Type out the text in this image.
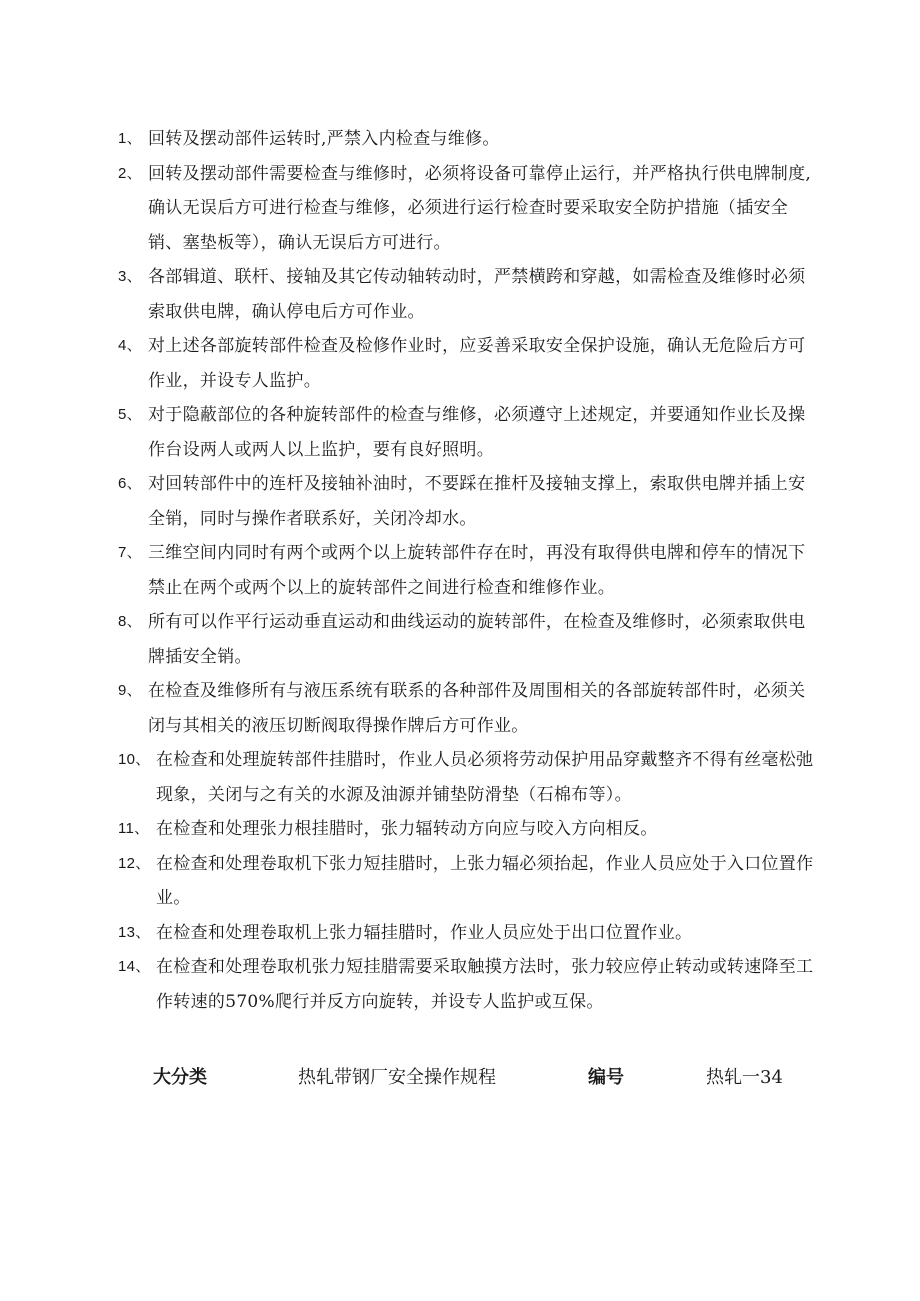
1、 回转及摆动部件运转时,严禁入内检查与维修。

2、 回转及摆动部件需要检查与维修时，必须将设备可靠停止运行，并严格执行供电牌制度,确认无误后方可进行检查与维修，必须进行运行检查时要采取安全防护措施（插安全销、塞垫板等），确认无误后方可进行。

3、 各部辑道、联杆、接轴及其它传动轴转动时，严禁横跨和穿越，如需检查及维修时必须索取供电牌，确认停电后方可作业。

4、 对上述各部旋转部件检查及检修作业时，应妥善采取安全保护设施，确认无危险后方可作业，并设专人监护。

5、 对于隐蔽部位的各种旋转部件的检查与维修，必须遵守上述规定，并要通知作业长及操作台设两人或两人以上监护，要有良好照明。

6、 对回转部件中的连杆及接轴补油时，不要踩在推杆及接轴支撑上，索取供电牌并插上安全销，同时与操作者联系好，关闭冷却水。

7、 三维空间内同时有两个或两个以上旋转部件存在时，再没有取得供电牌和停车的情况下禁止在两个或两个以上的旋转部件之间进行检查和维修作业。

8、 所有可以作平行运动垂直运动和曲线运动的旋转部件，在检查及维修时，必须索取供电牌插安全销。

9、 在检查及维修所有与液压系统有联系的各种部件及周围相关的各部旋转部件时，必须关闭与其相关的液压切断阀取得操作牌后方可作业。

10、 在检查和处理旋转部件挂腊时，作业人员必须将劳动保护用品穿戴整齐不得有丝毫松弛现象，关闭与之有关的水源及油源并铺垫防滑垫（石棉布等）。

11、 在检查和处理张力根挂腊时，张力辐转动方向应与咬入方向相反。

12、 在检查和处理卷取机下张力短挂腊时，上张力辐必须抬起，作业人员应处于入口位置作业。

13、 在检查和处理卷取机上张力辐挂腊时，作业人员应处于出口位置作业。

14、 在检查和处理卷取机张力短挂腊需要采取触摸方法时，张力较应停止转动或转速降至工作转速的570%爬行并反方向旋转，并设专人监护或互保。

大分类	热轧带钢厂安全操作规程	编号	热轧一34
